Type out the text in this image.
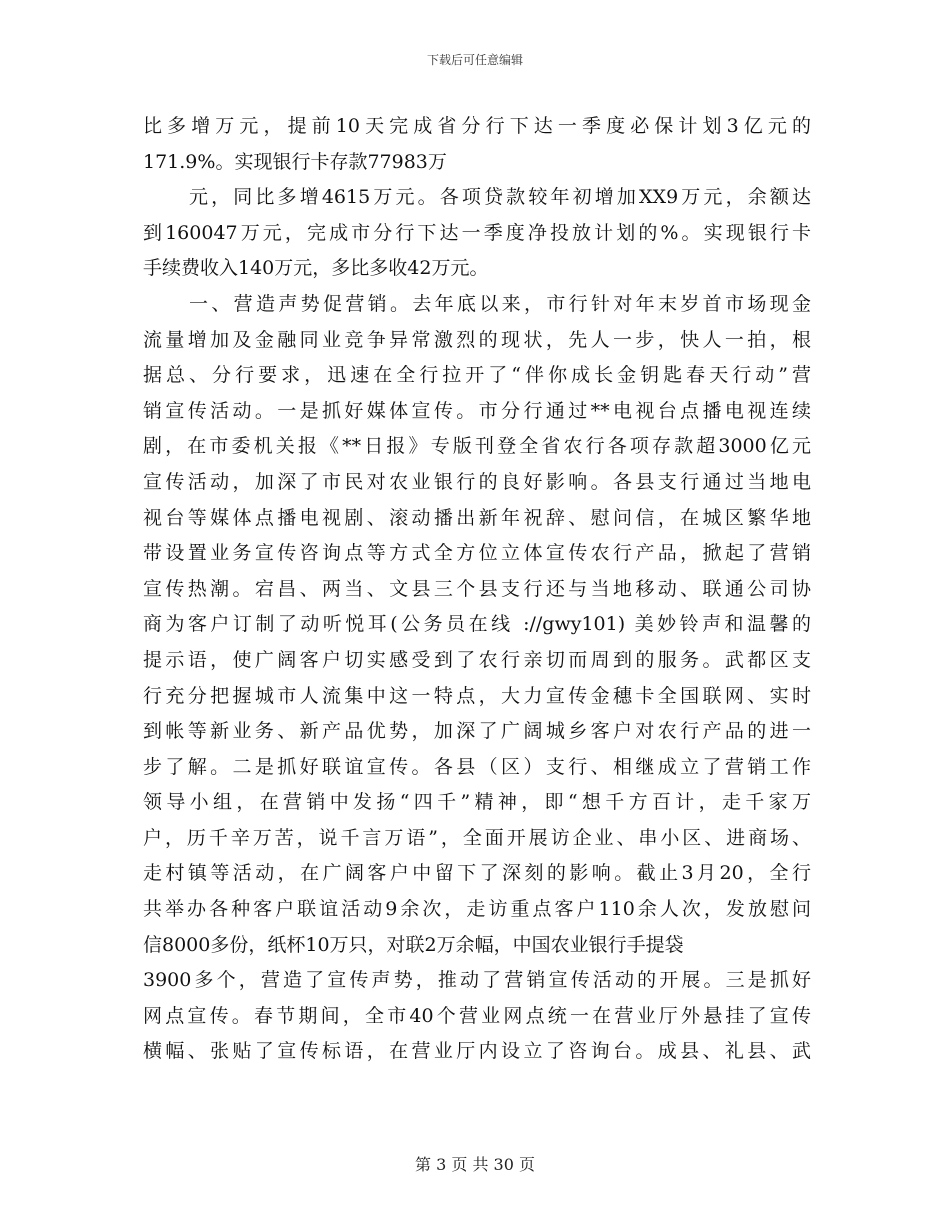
下载后可任意编辑
比多增万元，提前10天完成省分行下达一季度必保计划3亿元的
171.9%。实现银行卡存款77983万
元，同比多增4615万元。各项贷款较年初增加XX9万元，余额达
到160047万元，完成市分行下达一季度净投放计划的%。实现银行卡
手续费收入140万元，多比多收42万元。
一、营造声势促营销。去年底以来，市行针对年末岁首市场现金
流量增加及金融同业竞争异常激烈的现状，先人一步，快人一拍，根
据总、分行要求，迅速在全行拉开了“伴你成长金钥匙春天行动”营
销宣传活动。一是抓好媒体宣传。市分行通过**电视台点播电视连续
剧，在市委机关报《**日报》专版刊登全省农行各项存款超3000亿元
宣传活动，加深了市民对农业银行的良好影响。各县支行通过当地电
视台等媒体点播电视剧、滚动播出新年祝辞、慰问信，在城区繁华地
带设置业务宣传咨询点等方式全方位立体宣传农行产品，掀起了营销
宣传热潮。宕昌、两当、文县三个县支行还与当地移动、联通公司协
商为客户订制了动听悦耳(公务员在线 ://gwy101) 美妙铃声和温馨的
提示语，使广阔客户切实感受到了农行亲切而周到的服务。武都区支
行充分把握城市人流集中这一特点，大力宣传金穗卡全国联网、实时
到帐等新业务、新产品优势，加深了广阔城乡客户对农行产品的进一
步了解。二是抓好联谊宣传。各县（区）支行、相继成立了营销工作
领导小组，在营销中发扬“四千”精神，即“想千方百计，走千家万
户，历千辛万苦，说千言万语”，全面开展访企业、串小区、进商场、
走村镇等活动，在广阔客户中留下了深刻的影响。截止3月20，全行
共举办各种客户联谊活动9余次，走访重点客户110余人次，发放慰问
信8000多份，纸杯10万只，对联2万余幅，中国农业银行手提袋
3900多个，营造了宣传声势，推动了营销宣传活动的开展。三是抓好
网点宣传。春节期间，全市40个营业网点统一在营业厅外悬挂了宣传
横幅、张贴了宣传标语，在营业厅内设立了咨询台。成县、礼县、武
第 3 页 共 30 页
